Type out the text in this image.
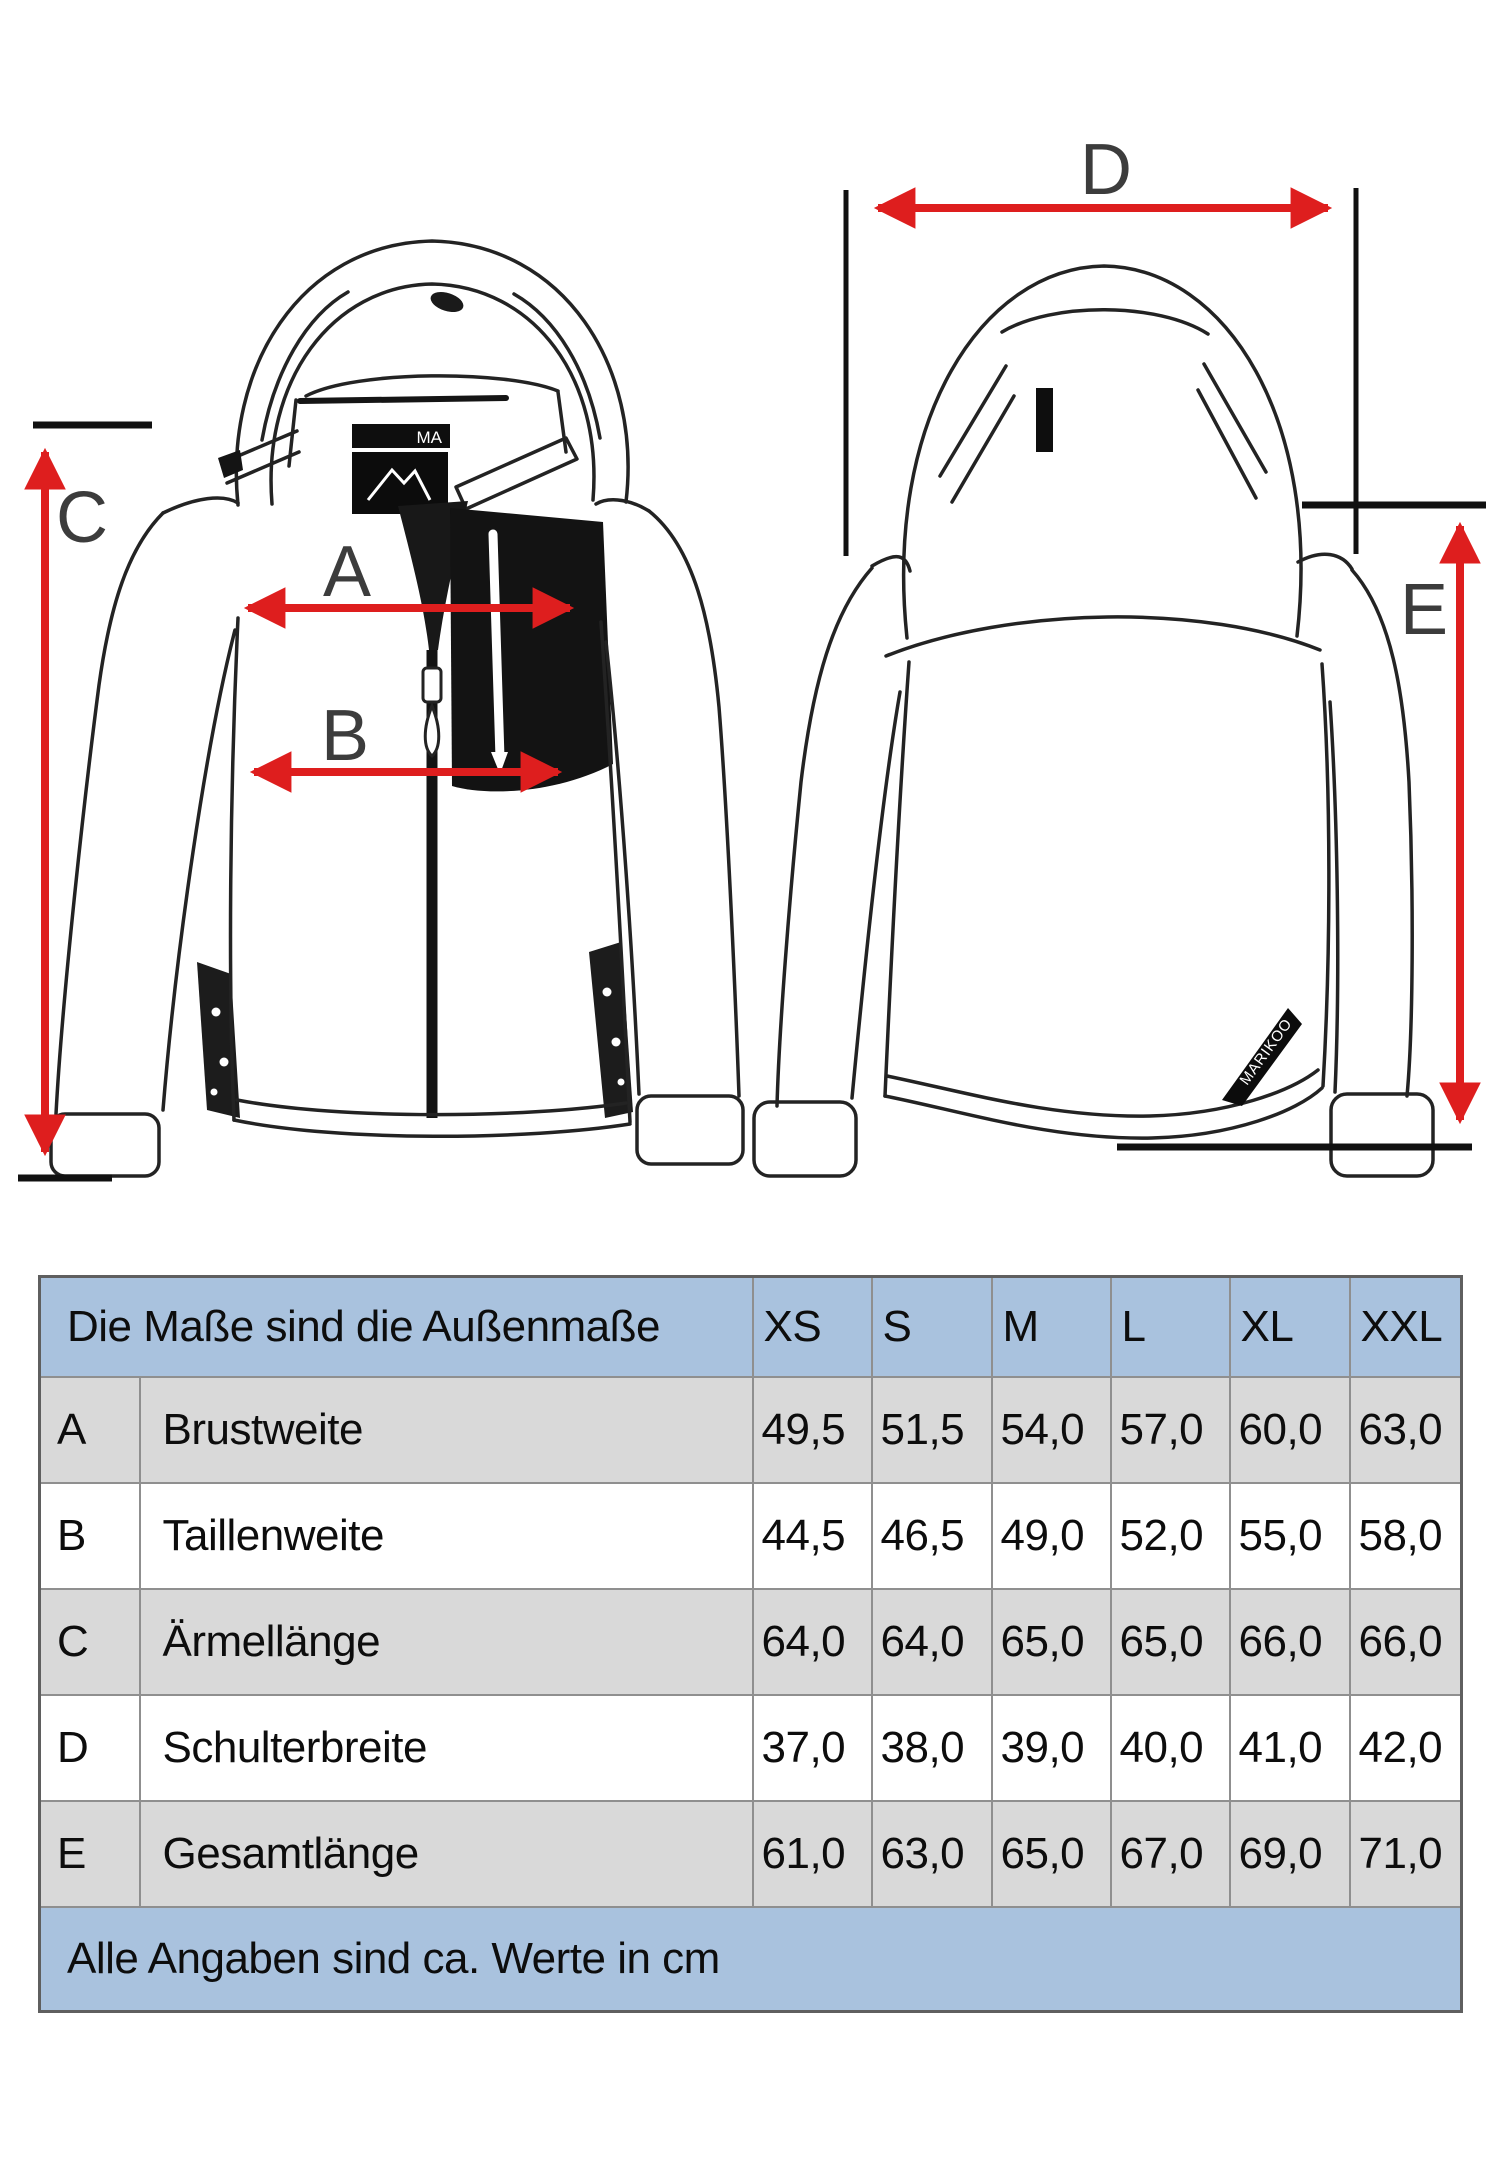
MA
MARIKOO
A
B
C
D
E
Die Maße sind die Außenmaße		XS	S	M	L	XL	XXL
A	Brustweite	49,5	51,5	54,0	57,0	60,0	63,0
B	Taillenweite	44,5	46,5	49,0	52,0	55,0	58,0
C	Ärmellänge	64,0	64,0	65,0	65,0	66,0	66,0
D	Schulterbreite	37,0	38,0	39,0	40,0	41,0	42,0
E	Gesamtlänge	61,0	63,0	65,0	67,0	69,0	71,0
Alle Angaben sind ca. Werte in cm							
